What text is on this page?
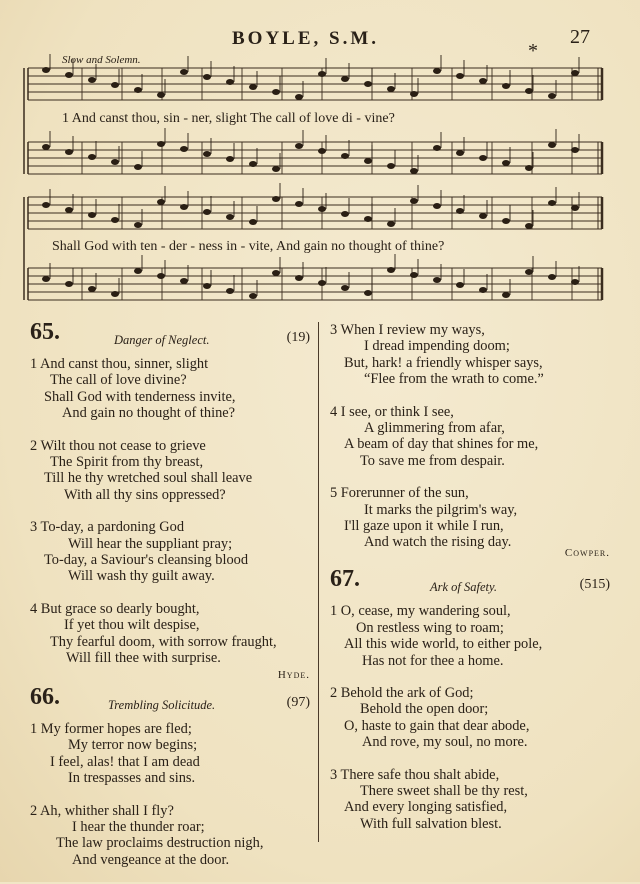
BOYLE, S.M.	27
Slow and Solemn.	*
1 And canst thou, sin - ner, slight The call of love di - vine?
Shall God with ten - der - ness in - vite, And gain no thought of thine?
65.	Danger of Neglect.	(19)
1 And canst thou, sinner, slight
The call of love divine?
Shall God with tenderness invite,
And gain no thought of thine?
2 Wilt thou not cease to grieve
The Spirit from thy breast,
Till he thy wretched soul shall leave
With all thy sins oppressed?
3 To-day, a pardoning God
Will hear the suppliant pray;
To-day, a Saviour's cleansing blood
Will wash thy guilt away.
4 But grace so dearly bought,
If yet thou wilt despise,
Thy fearful doom, with sorrow fraught,
Will fill thee with surprise.
Hyde.
66.	Trembling Solicitude.	(97)
1 My former hopes are fled;
My terror now begins;
I feel, alas! that I am dead
In trespasses and sins.
2 Ah, whither shall I fly?
I hear the thunder roar;
The law proclaims destruction nigh,
And vengeance at the door.
3 When I review my ways,
I dread impending doom;
But, hark! a friendly whisper says,
“Flee from the wrath to come.”
4 I see, or think I see,
A glimmering from afar,
A beam of day that shines for me,
To save me from despair.
5 Forerunner of the sun,
It marks the pilgrim's way,
I'll gaze upon it while I run,
And watch the rising day.
Cowper.
67.	Ark of Safety.	(515)
1 O, cease, my wandering soul,
On restless wing to roam;
All this wide world, to either pole,
Has not for thee a home.
2 Behold the ark of God;
Behold the open door;
O, haste to gain that dear abode,
And rove, my soul, no more.
3 There safe thou shalt abide,
There sweet shall be thy rest,
And every longing satisfied,
With full salvation blest.
